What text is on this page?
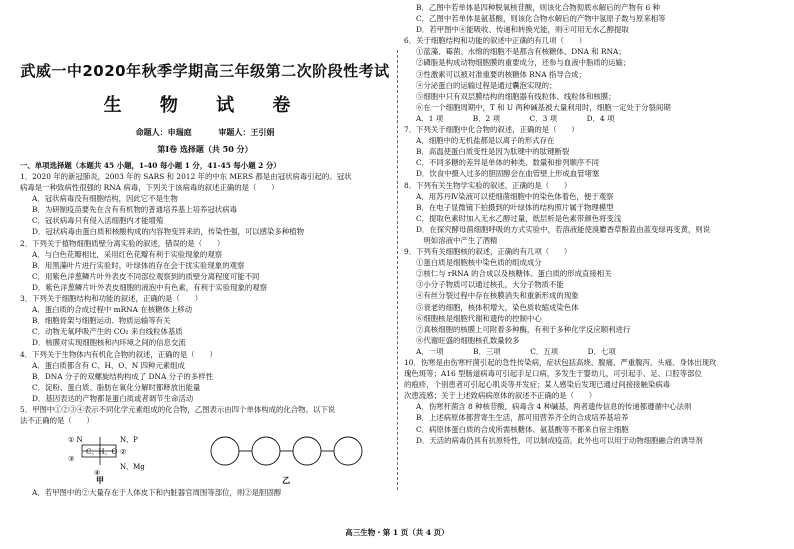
武威一中2020年秋季学期高三年级第二次阶段性考试
生 物 试 卷
命题人：申瑞庭	审题人：王引娟
第Ⅰ卷 选择题（共 50 分）
一、单项选择题（本题共 45 小题，1-40 每小题 1 分，41-45 每小题 2 分）
1．2020 年的新冠肺炎，2003 年的 SARS 和 2012 年的中东 MERS 都是由冠状病毒引起的。冠状
病毒是一种致病性很强的 RNA 病毒，下列关于该病毒的叙述正确的是（　　）
A．冠状病毒没有细胞结构，因此它不是生物
B．为研制疫苗要先在含有有机物的普通培养基上培养冠状病毒
C．冠状病毒只有侵入活细胞内才能增殖
D．冠状病毒由蛋白质和核酸构成的内容物变异来的，传染性强，可以感染多种植物
2．下列关于植物细胞质壁分离实验的叙述，错误的是（　　）
A．与白色花瓣相比，采用红色花瓣有利于实验现象的观察
B．用黑藻叶片进行实验时，叶绿体的存在会干扰实验现象的观察
C．用紫色洋葱鳞片叶外表皮不同部位观察到的质壁分离程度可能不同
D．紫色洋葱鳞片叶外表皮细胞的液泡中有色素，有利于实验现象的观察
3．下列关于细胞结构和功能的叙述，正确的是（　　）
A．蛋白质的合成过程中 mRNA 在核糖体上移动
B．细胞骨架与细胞运动、物质运输等有关
C．动物无氧呼吸产生的 CO₂ 来自线粒体基质
D．核膜对实现细胞核和内环境之间的信息交流
4．下列关于生物体内有机化合物的叙述，正确的是（　　）
A．蛋白质都含有 C、H、O、N 四种元素组成
B．DNA 分子的双螺旋结构构成了 DNA 分子的多样性
C．淀粉、蛋白质、脂肪在氧化分解时都释放出能量
D．基因表达的产物都是蛋白质或者调节生命活动
5．甲图中①②③④表示不同化学元素组成的化合物，乙图表示由四个单体构成的化合物。以下说
法不正确的是（　　）
C、H、O
① N	N、P
②
③
④
N、Mg
甲	乙
A．若甲图中的②大量存在于人体皮下和内脏器官周围等部位，则②是胆固醇
B．乙图中若单体是四种脱氧核苷酸，则该化合物彻底水解后的产物有 6 种
C．乙图中若单体是氨基酸，则该化合物水解后的产物中氢原子数与原来相等
D．若甲图中④能吸收、传递和转换光能，则④可用无水乙醇提取
6．关于细胞结构和功能的叙述中正确的有几项（　　）
①蓝藻、霉菌、水绵的细胞不是都含有核糖体、DNA 和 RNA；
②磷脂是构成动物细胞膜的重要成分，还参与血液中脂质的运输；
③性激素可以被对准重要的核糖体 RNA 指导合成；
④分泌蛋白的运输过程是通过囊泡实现的；
⑤细胞中只有双层膜结构的细胞器有线粒体、线粒体和核膜；
⑥在一个细胞周期中，T 和 U 两种碱基被大量利用时，细胞一定处于分裂间期
A．1 项　　　　B．2 项　　　　C．3 项　　　　D．4 项
7．下列关于细胞中化合物的叙述，正确的是（　　）
A．细胞中的无机盐都是以离子的形式存在
B．高温使蛋白质变性是因为肽键中的肽键断裂
C．不同多糖的差异是单体的种类、数量和排列顺序不同
D．饮食中摄入过多的胆固醇会在血管壁上形成血管堵塞
8．下列有关生物学实验的叙述，正确的是（　　）
A．用苏丹Ⅳ染液可以使细菌细胞中的染色体着色，便于观察
B．在电子显微镜下拍摄到的叶绿体的结构照片属于物理模型
C．提取色素时加入无水乙醇过量，纸层析是色素带颜色将变浅
D．在探究酵母菌细胞呼吸的方式实验中，若溶液能使溴麝香草酚蓝由蓝变绿再变黄，则说
　明如溶液中产生了酒精
9．下列有关细胞核的叙述，正确的有几项（　　）
①蛋白质是细胞核中染色质的组成成分
②核仁与 rRNA 的合成以及核糖体、蛋白质的形成直接相关
③小分子物质可以通过核孔，大分子物质不能
④有丝分裂过程中存在核膜消失和重新形成的现象
⑤衰老的细胞，核体积增大，染色质收缩成染色体
⑥细胞核是细胞代谢和遗传的控制中心
⑦真核细胞的核膜上可附着多种酶，有利于多种化学反应顺利进行
⑧代谢旺盛的细胞核孔数量较多
A．一项　　　　B．三项　　　　C．五项　　　　D．七项
10．伤寒是由伤寒杆菌引起的急性传染病，症状包括高烧、腹痛、严重腹泻、头痛、身体出现玫
瑰色斑等；A16 型肠道病毒可引起手足口病，多发生于婴幼儿，可引起手、足、口腔等部位
的疱疹，个别患者可引起心肌炎等并发症；某人感染后发现已通过间接接触染病毒
次患流感；关于上述致病病原体的叙述不正确的是（　　）
A．伤寒杆菌含 8 种核苷酸，病毒含 4 种碱基，两者遗传信息的传递都遵循中心法则
B．上述病原体都营寄生生活，都可用营养齐全的合成培养基培养
C．病原体蛋白质的合成所需核糖体、氨基酸等不都来自宿主细胞
D．天活的病毒仍具有抗原特性，可以制成疫苗，此外也可以用于动物细胞融合的诱导剂
高三生物・第 1 页（共 4 页）
